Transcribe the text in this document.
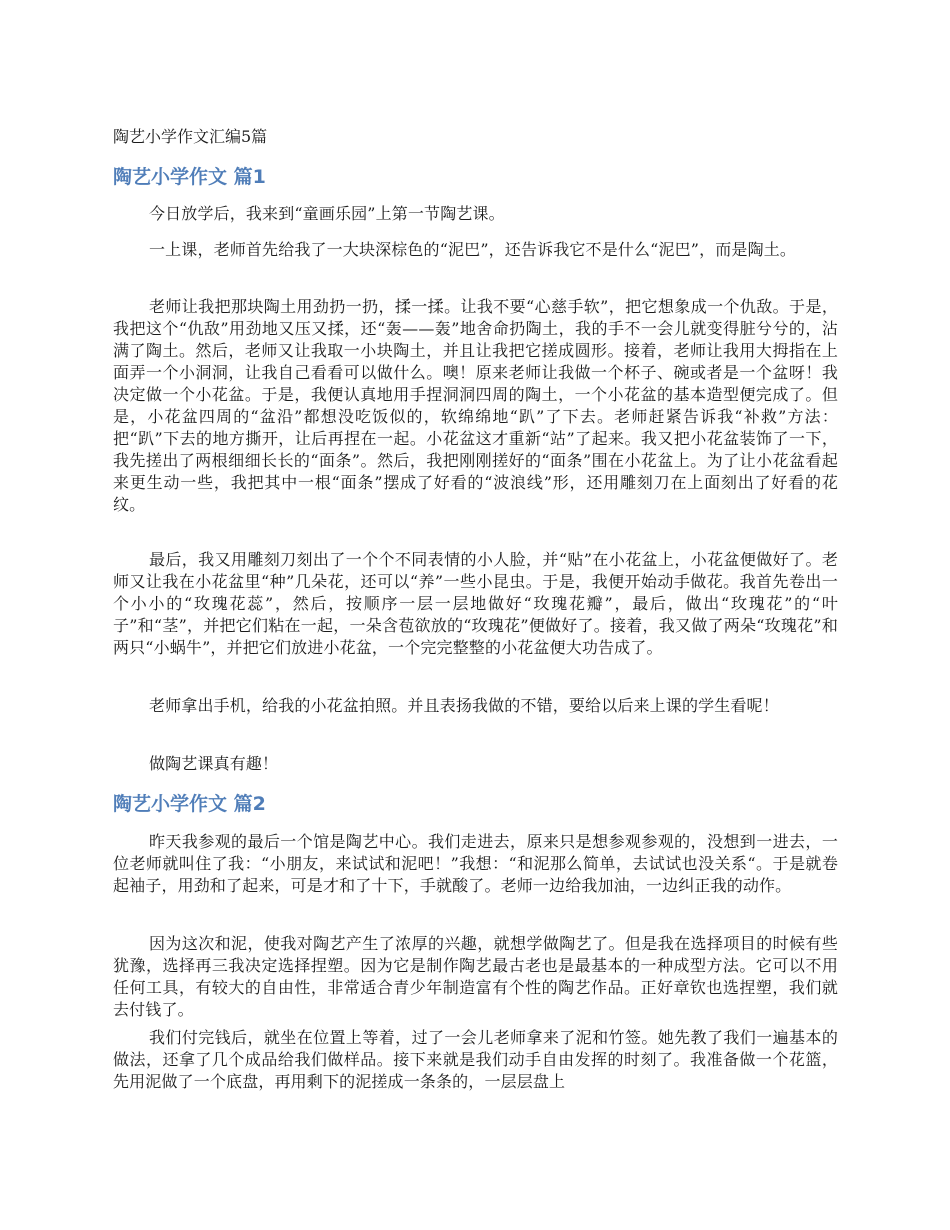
陶艺小学作文汇编5篇
陶艺小学作文 篇1

今日放学后，我来到“童画乐园”上第一节陶艺课。

一上课，老师首先给我了一大块深棕色的“泥巴”，还告诉我它不是什么“泥巴”，而是陶土。

老师让我把那块陶土用劲扔一扔，揉一揉。让我不要“心慈手软”，把它想象成一个仇敌。于是，我把这个“仇敌”用劲地又压又揉，还“轰——轰”地舍命扔陶土，我的手不一会儿就变得脏兮兮的，沾满了陶土。然后，老师又让我取一小块陶土，并且让我把它搓成圆形。接着，老师让我用大拇指在上面弄一个小洞洞，让我自己看看可以做什么。噢！原来老师让我做一个杯子、碗或者是一个盆呀！我决定做一个小花盆。于是，我便认真地用手捏洞洞四周的陶土，一个小花盆的基本造型便完成了。但是，小花盆四周的“盆沿”都想没吃饭似的，软绵绵地“趴”了下去。老师赶紧告诉我“补救”方法：把“趴”下去的地方撕开，让后再捏在一起。小花盆这才重新“站”了起来。我又把小花盆装饰了一下，我先搓出了两根细细长长的“面条”。然后，我把刚刚搓好的“面条”围在小花盆上。为了让小花盆看起来更生动一些，我把其中一根“面条”摆成了好看的“波浪线”形，还用雕刻刀在上面刻出了好看的花纹。

最后，我又用雕刻刀刻出了一个个不同表情的小人脸，并“贴”在小花盆上，小花盆便做好了。老师又让我在小花盆里“种”几朵花，还可以“养”一些小昆虫。于是，我便开始动手做花。我首先卷出一个小小的“玫瑰花蕊”，然后，按顺序一层一层地做好“玫瑰花瓣”，最后，做出“玫瑰花”的“叶子”和“茎”，并把它们粘在一起，一朵含苞欲放的“玫瑰花”便做好了。接着，我又做了两朵“玫瑰花”和两只“小蜗牛”，并把它们放进小花盆，一个完完整整的小花盆便大功告成了。

老师拿出手机，给我的小花盆拍照。并且表扬我做的不错，要给以后来上课的学生看呢！

做陶艺课真有趣！

陶艺小学作文 篇2

昨天我参观的最后一个馆是陶艺中心。我们走进去，原来只是想参观参观的，没想到一进去，一位老师就叫住了我：“小朋友，来试试和泥吧！”我想：“和泥那么简单，去试试也没关系“。于是就卷起袖子，用劲和了起来，可是才和了十下，手就酸了。老师一边给我加油，一边纠正我的动作。

因为这次和泥，使我对陶艺产生了浓厚的兴趣，就想学做陶艺了。但是我在选择项目的时候有些犹豫，选择再三我决定选择捏塑。因为它是制作陶艺最古老也是最基本的一种成型方法。它可以不用任何工具，有较大的自由性，非常适合青少年制造富有个性的陶艺作品。正好章钦也选捏塑，我们就去付钱了。

我们付完钱后，就坐在位置上等着，过了一会儿老师拿来了泥和竹签。她先教了我们一遍基本的做法，还拿了几个成品给我们做样品。接下来就是我们动手自由发挥的时刻了。我准备做一个花篮，先用泥做了一个底盘，再用剩下的泥搓成一条条的，一层层盘上
